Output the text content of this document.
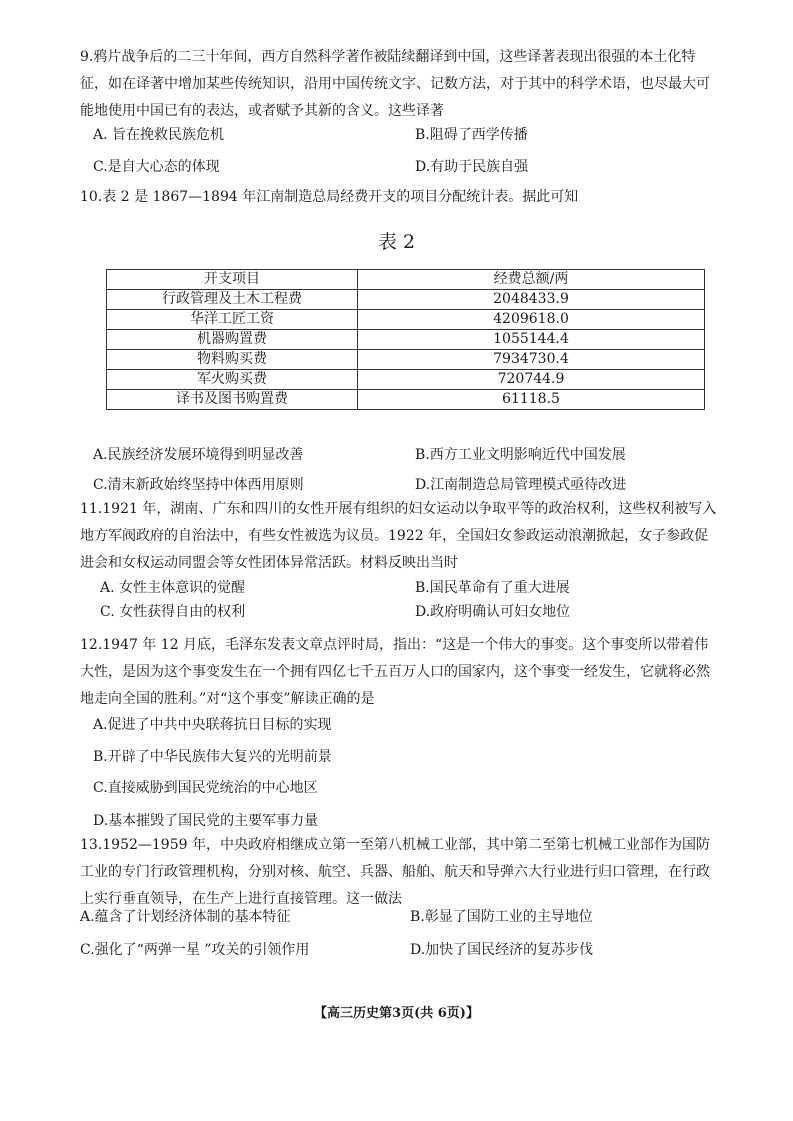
9.鸦片战争后的二三十年间，西方自然科学著作被陆续翻译到中国，这些译著表现出很强的本土化特征，如在译著中增加某些传统知识，沿用中国传统文字、记数方法，对于其中的科学术语，也尽最大可能地使用中国已有的表达，或者赋予其新的含义。这些译著
A. 旨在挽救民族危机	B.阻碍了西学传播
C.是自大心态的体现	D.有助于民族自强
10.表 2 是 1867—1894 年江南制造总局经费开支的项目分配统计表。据此可知
表 2
开支项目	经费总额/两
行政管理及土木工程费	2048433.9
华洋工匠工资	4209618.0
机器购置费	1055144.4
物料购买费	7934730.4
军火购买费	720744.9
译书及图书购置费	61118.5
A.民族经济发展环境得到明显改善	B.西方工业文明影响近代中国发展
C.清末新政始终坚持中体西用原则	D.江南制造总局管理模式亟待改进
11.1921 年，湖南、广东和四川的女性开展有组织的妇女运动以争取平等的政治权利，这些权利被写入地方军阀政府的自治法中，有些女性被选为议员。1922 年，全国妇女参政运动浪潮掀起，女子参政促进会和女权运动同盟会等女性团体异常活跃。材料反映出当时
A. 女性主体意识的觉醒	B.国民革命有了重大进展
C. 女性获得自由的权利	D.政府明确认可妇女地位
12.1947 年 12 月底，毛泽东发表文章点评时局，指出：“这是一个伟大的事变。这个事变所以带着伟大性，是因为这个事变发生在一个拥有四亿七千五百万人口的国家内，这个事变一经发生，它就将必然地走向全国的胜利。”对“这个事变”解读正确的是
A.促进了中共中央联蒋抗日目标的实现
B.开辟了中华民族伟大复兴的光明前景
C.直接威胁到国民党统治的中心地区
D.基本摧毁了国民党的主要军事力量
13.1952—1959 年，中央政府相继成立第一至第八机械工业部，其中第二至第七机械工业部作为国防工业的专门行政管理机构，分别对核、航空、兵器、船舶、航天和导弹六大行业进行归口管理，在行政上实行垂直领导，在生产上进行直接管理。这一做法
A.蕴含了计划经济体制的基本特征	B.彰显了国防工业的主导地位
C.强化了“两弹一星 ”攻关的引领作用	D.加快了国民经济的复苏步伐
【高三历史第3页(共 6页)】
